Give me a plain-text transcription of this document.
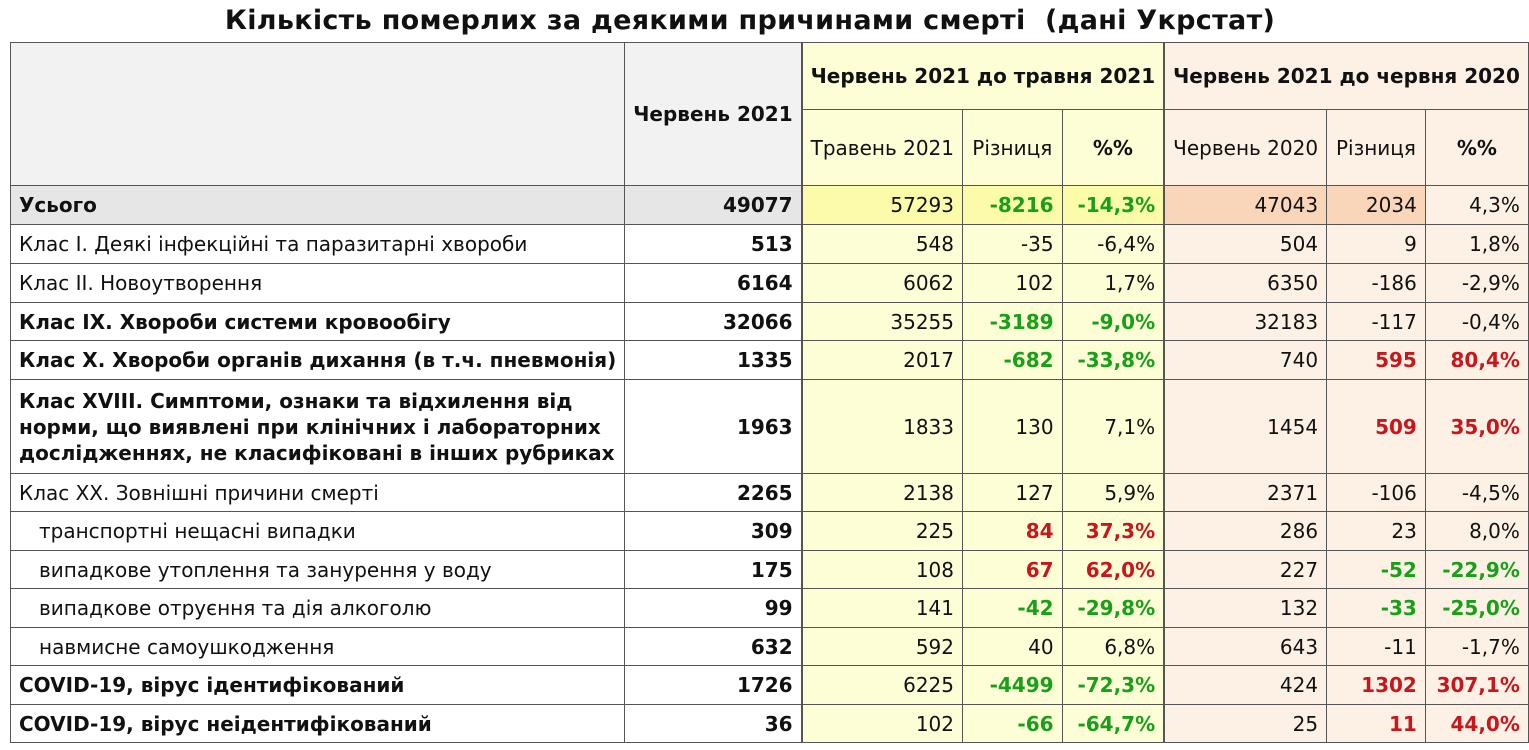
Кількість померлих за деякими причинами смерті  (дані Укрстат)
	Червень 2021		Червень 2021 до травня 2021			Червень 2021 до червня 2020			
		Травень 2021	Різниця	%%	Червень 2020	Різниця	%%	
Усього	49077		57293	-8216	-14,3%		47043	2034	4,3%	
Клас I. Деякі інфекційні та паразитарні хвороби	513		548	-35	-6,4%		504	9	1,8%	
Клас II. Новоутворення	6164		6062	102	1,7%		6350	-186	-2,9%	
Клас IX. Хвороби системи кровообігу	32066		35255	-3189	-9,0%		32183	-117	-0,4%	
Клас X. Хвороби органів дихання (в т.ч. пневмонія)	1335		2017	-682	-33,8%		740	595	80,4%	
Клас XVIII. Симптоми, ознаки та відхилення від норми, що виявлені при клінічних і лабораторних дослідженнях, не класифіковані в інших рубриках	1963		1833	130	7,1%		1454	509	35,0%	
Клас XX. Зовнішні причини смерті	2265		2138	127	5,9%		2371	-106	-4,5%	
транспортні нещасні випадки	309		225	84	37,3%		286	23	8,0%	
випадкове утоплення та занурення у воду	175		108	67	62,0%		227	-52	-22,9%	
випадкове отруєння та дія алкоголю	99		141	-42	-29,8%		132	-33	-25,0%	
навмисне самоушкодження	632		592	40	6,8%		643	-11	-1,7%	
COVID-19, вірус ідентифікований	1726		6225	-4499	-72,3%		424	1302	307,1%	
COVID-19, вірус неідентифікований	36		102	-66	-64,7%		25	11	44,0%	
